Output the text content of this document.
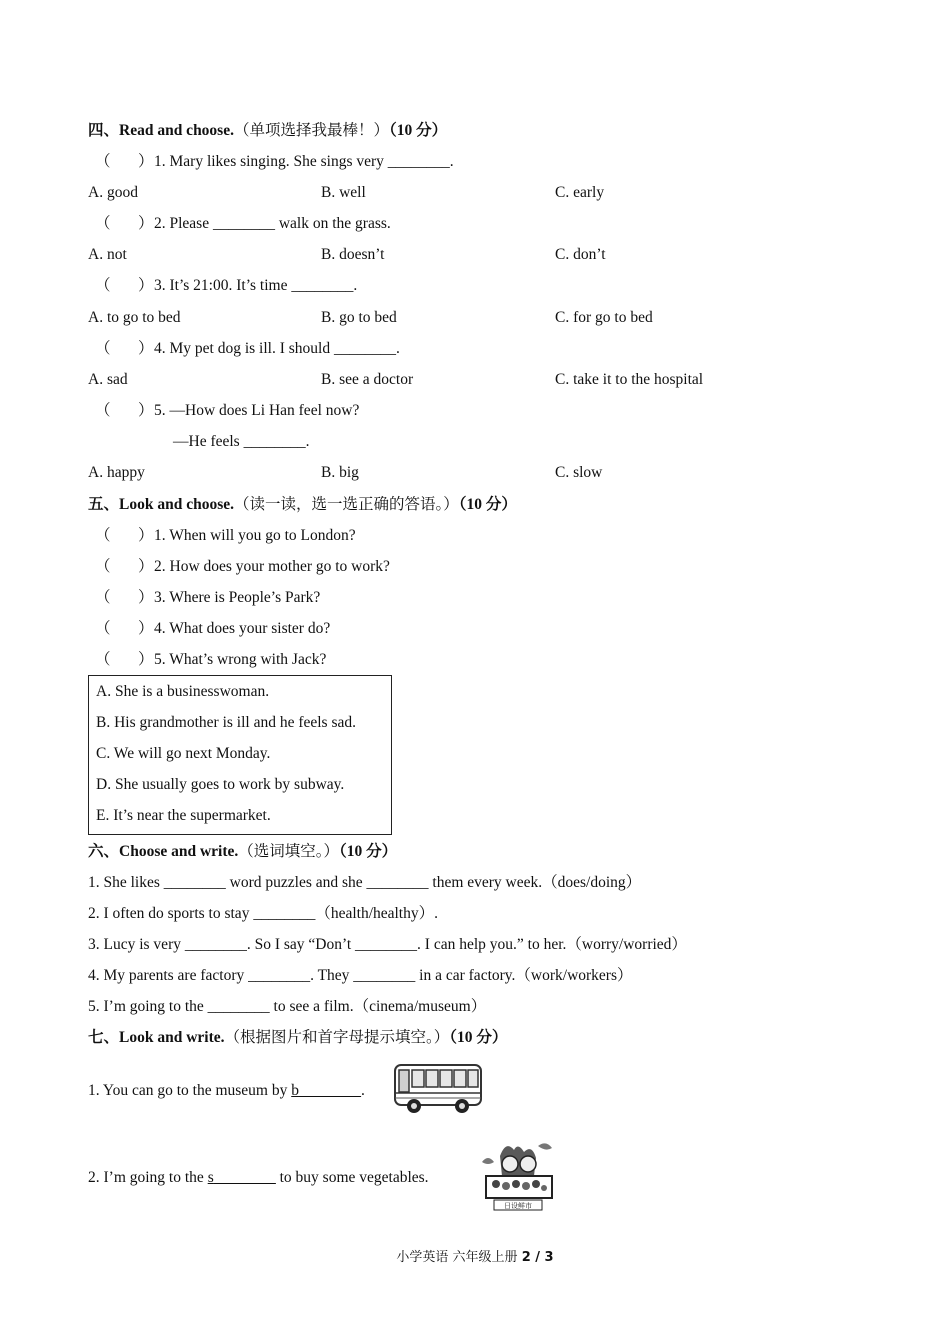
四、Read and choose.（单项选择我最棒！）（10 分）
（ ） 1. Mary likes singing. She sings very ________.
A. good	B. well	C. early
（ ） 2. Please ________ walk on the grass.
A. not	B. doesn’t	C. don’t
（ ） 3. It’s 21:00. It’s time ________.
A. to go to bed	B. go to bed	C. for go to bed
（ ） 4. My pet dog is ill. I should ________.
A. sad	B. see a doctor	C. take it to the hospital
（ ） 5. —How does Li Han feel now?
—He feels ________.
A. happy	B. big	C. slow
五、Look and choose.（读一读，选一选正确的答语。）（10 分）
（ ） 1. When will you go to London?
（ ） 2. How does your mother go to work?
（ ） 3. Where is People’s Park?
（ ） 4. What does your sister do?
（ ） 5. What’s wrong with Jack?
A. She is a businesswoman.
B. His grandmother is ill and he feels sad.
C. We will go next Monday.
D. She usually goes to work by subway.
E. It’s near the supermarket.
六、Choose and write.（选词填空。）（10 分）
1. She likes ________ word puzzles and she ________ them every week.（does/doing）
2. I often do sports to stay ________（health/healthy）.
3. Lucy is very ________. So I say “Don’t ________. I can help you.” to her.（worry/worried）
4. My parents are factory ________. They ________ in a car factory.（work/workers）
5. I’m going to the ________ to see a film.（cinema/museum）
七、Look and write.（根据图片和首字母提示填空。）（10 分）
1. You can go to the museum by b________.
2. I’m going to the s________ to buy some vegetables.
日设鲜市
小学英语 六年级上册 2 / 3
